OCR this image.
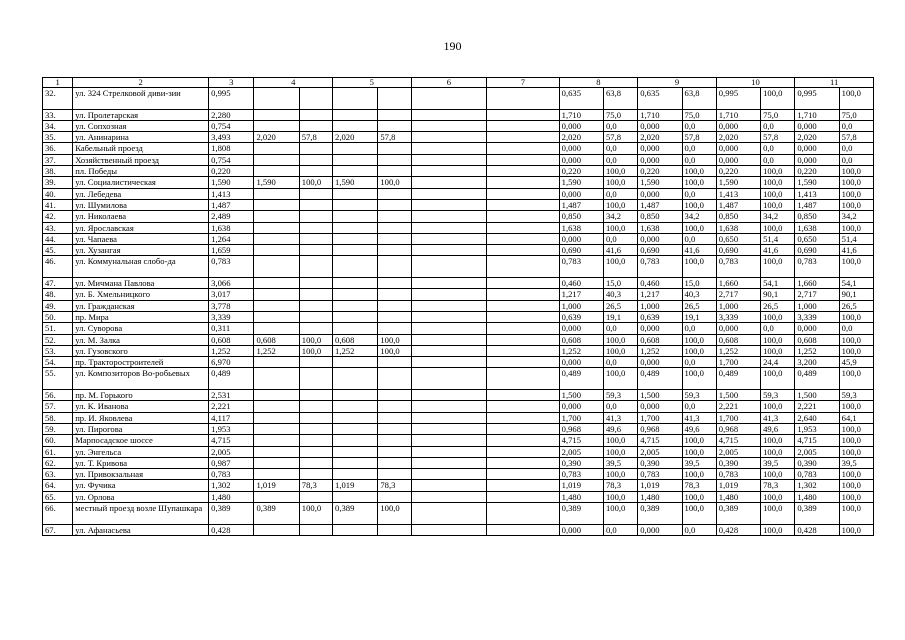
190
1	2	3	4		5		6	7	8		9		10		11	
32.	ул. 324 Стрелковой диви-зии	0,995							0,635	63,8	0,635	63,8	0,995	100,0	0,995	100,0
33.	ул. Пролетарская	2,280							1,710	75,0	1,710	75,0	1,710	75,0	1,710	75,0
34.	ул. Сопхозная	0,754							0,000	0,0	0,000	0,0	0,000	0,0	0,000	0,0
35.	ул. Анинарина	3,493	2,020	57,8	2,020	57,8			2,020	57,8	2,020	57,8	2,020	57,8	2,020	57,8
36.	Кабельный проезд	1,808							0,000	0,0	0,000	0,0	0,000	0,0	0,000	0,0
37.	Хозяйственный проезд	0,754							0,000	0,0	0,000	0,0	0,000	0,0	0,000	0,0
38.	пл. Победы	0,220							0,220	100,0	0,220	100,0	0,220	100,0	0,220	100,0
39.	ул. Социалистическая	1,590	1,590	100,0	1,590	100,0			1,590	100,0	1,590	100,0	1,590	100,0	1,590	100,0
40.	ул. Лебедева	1,413							0,000	0,0	0,000	0,0	1,413	100,0	1,413	100,0
41.	ул. Шумилова	1,487							1,487	100,0	1,487	100,0	1,487	100,0	1,487	100,0
42.	ул. Николаева	2,489							0,850	34,2	0,850	34,2	0,850	34,2	0,850	34,2
43.	ул. Ярославская	1,638							1,638	100,0	1,638	100,0	1,638	100,0	1,638	100,0
44.	ул. Чапаева	1,264							0,000	0,0	0,000	0,0	0,650	51,4	0,650	51,4
45.	ул. Хузангая	1,659							0,690	41,6	0,690	41,6	0,690	41,6	0,690	41,6
46.	ул. Коммунальная слобо-да	0,783							0,783	100,0	0,783	100,0	0,783	100,0	0,783	100,0
47.	ул. Мичмана Павлова	3,066							0,460	15,0	0,460	15,0	1,660	54,1	1,660	54,1
48.	ул. Б. Хмельницкого	3,017							1,217	40,3	1,217	40,3	2,717	90,1	2,717	90,1
49.	ул. Гражданская	3,778							1,000	26,5	1,000	26,5	1,000	26,5	1,000	26,5
50.	пр. Мира	3,339							0,639	19,1	0,639	19,1	3,339	100,0	3,339	100,0
51.	ул. Суворова	0,311							0,000	0,0	0,000	0,0	0,000	0,0	0,000	0,0
52.	ул. М. Залка	0,608	0,608	100,0	0,608	100,0			0,608	100,0	0,608	100,0	0,608	100,0	0,608	100,0
53.	ул. Гузовского	1,252	1,252	100,0	1,252	100,0			1,252	100,0	1,252	100,0	1,252	100,0	1,252	100,0
54.	пр. Тракторостроителей	6,970							0,000	0,0	0,000	0,0	1,700	24,4	3,200	45,9
55.	ул. Композиторов Во-робьевых	0,489							0,489	100,0	0,489	100,0	0,489	100,0	0,489	100,0
56.	пр. М. Горького	2,531							1,500	59,3	1,500	59,3	1,500	59,3	1,500	59,3
57.	ул. К. Иванова	2,221							0,000	0,0	0,000	0,0	2,221	100,0	2,221	100,0
58.	пр. И. Яковлева	4,117							1,700	41,3	1,700	41,3	1,700	41,3	2,640	64,1
59.	ул. Пирогова	1,953							0,968	49,6	0,968	49,6	0,968	49,6	1,953	100,0
60.	Марпосадское шоссе	4,715							4,715	100,0	4,715	100,0	4,715	100,0	4,715	100,0
61.	ул. Энгельса	2,005							2,005	100,0	2,005	100,0	2,005	100,0	2,005	100,0
62.	ул. Т. Кривова	0,987							0,390	39,5	0,390	39,5	0,390	39,5	0,390	39,5
63.	ул. Привокзальная	0,783							0,783	100,0	0,783	100,0	0,783	100,0	0,783	100,0
64.	ул. Фучика	1,302	1,019	78,3	1,019	78,3			1,019	78,3	1,019	78,3	1,019	78,3	1,302	100,0
65.	ул. Орлова	1,480							1,480	100,0	1,480	100,0	1,480	100,0	1,480	100,0
66.	местный проезд возле Шупашкара	0,389	0,389	100,0	0,389	100,0			0,389	100,0	0,389	100,0	0,389	100,0	0,389	100,0
67.	ул. Афанасьева	0,428							0,000	0,0	0,000	0,0	0,428	100,0	0,428	100,0
